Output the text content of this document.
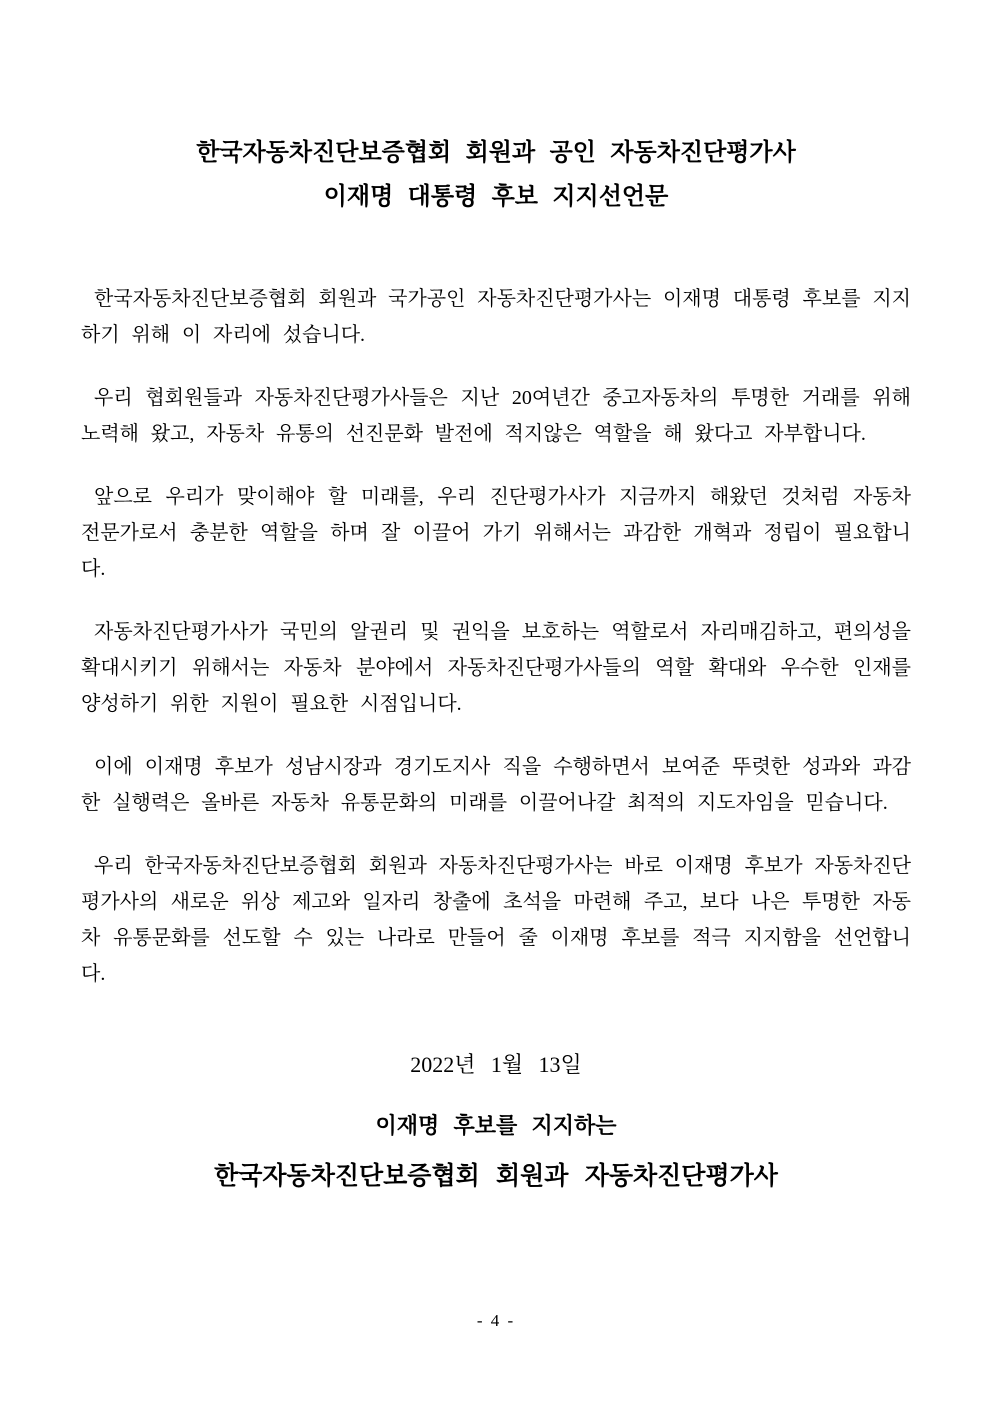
한국자동차진단보증협회 회원과 공인 자동차진단평가사
이재명 대통령 후보 지지선언문

한국자동차진단보증협회 회원과 국가공인 자동차진단평가사는 이재명 대통령 후보를 지지하기 위해 이 자리에 섰습니다.

우리 협회원들과 자동차진단평가사들은 지난 20여년간 중고자동차의 투명한 거래를 위해 노력해 왔고, 자동차 유통의 선진문화 발전에 적지않은 역할을 해 왔다고 자부합니다.

앞으로 우리가 맞이해야 할 미래를, 우리 진단평가사가 지금까지 해왔던 것처럼 자동차전문가로서 충분한 역할을 하며 잘 이끌어 가기 위해서는 과감한 개혁과 정립이 필요합니다.

자동차진단평가사가 국민의 알권리 및 권익을 보호하는 역할로서 자리매김하고, 편의성을 확대시키기 위해서는 자동차 분야에서 자동차진단평가사들의 역할 확대와 우수한 인재를 양성하기 위한 지원이 필요한 시점입니다.

이에 이재명 후보가 성남시장과 경기도지사 직을 수행하면서 보여준 뚜렷한 성과와 과감한 실행력은 올바른 자동차 유통문화의 미래를 이끌어나갈 최적의 지도자임을 믿습니다.

우리 한국자동차진단보증협회 회원과 자동차진단평가사는 바로 이재명 후보가 자동차진단평가사의 새로운 위상 제고와 일자리 창출에 초석을 마련해 주고, 보다 나은 투명한 자동차 유통문화를 선도할 수 있는 나라로 만들어 줄 이재명 후보를 적극 지지함을 선언합니다.

2022년 1월 13일
이재명 후보를 지지하는
한국자동차진단보증협회 회원과 자동차진단평가사
- 4 -
